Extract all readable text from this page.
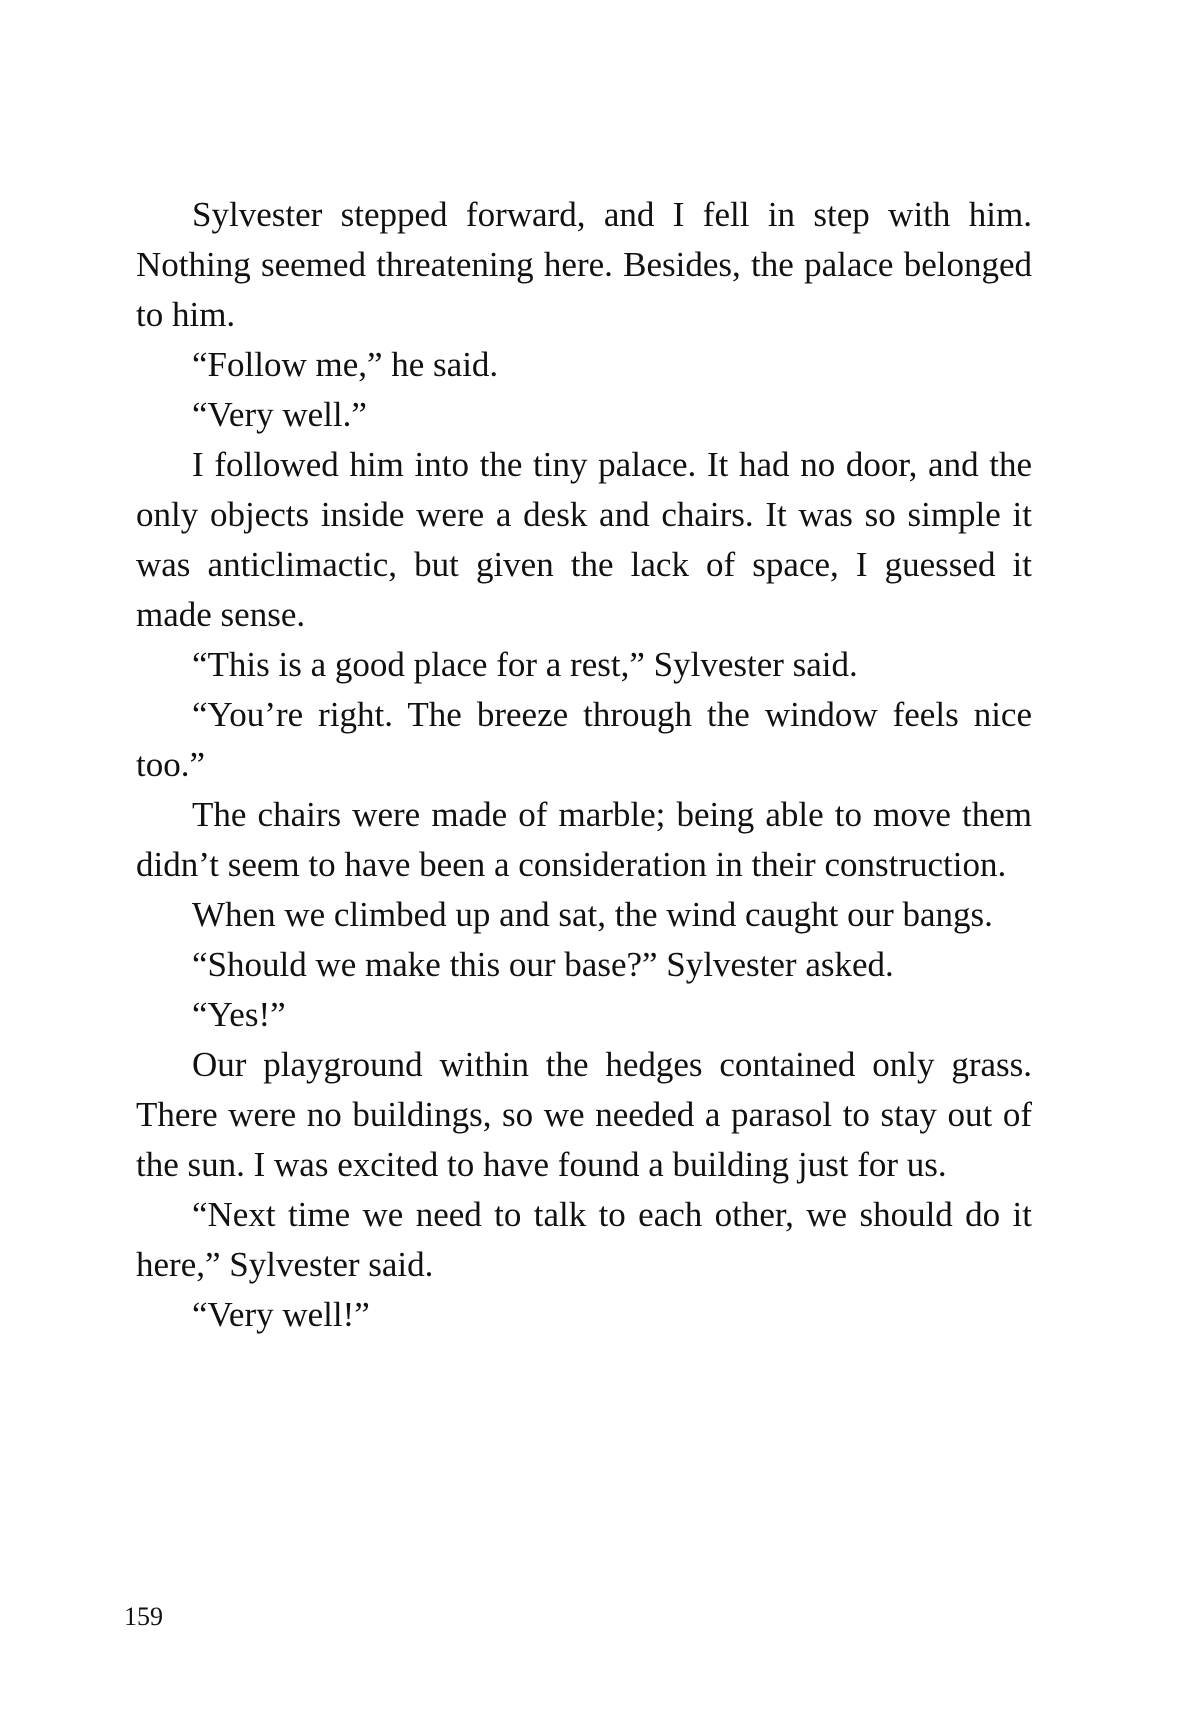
Sylvester stepped forward, and I fell in step with him. Nothing seemed threatening here. Besides, the palace belonged to him.

“Follow me,” he said.

“Very well.”

I followed him into the tiny palace. It had no door, and the only objects inside were a desk and chairs. It was so simple it was anticlimactic, but given the lack of space, I guessed it made sense.

“This is a good place for a rest,” Sylvester said.

“You’re right. The breeze through the window feels nice too.”

The chairs were made of marble; being able to move them didn’t seem to have been a consideration in their construction.

When we climbed up and sat, the wind caught our bangs.

“Should we make this our base?” Sylvester asked.

“Yes!”

Our playground within the hedges contained only grass. There were no buildings, so we needed a parasol to stay out of the sun. I was excited to have found a building just for us.

“Next time we need to talk to each other, we should do it here,” Sylvester said.

“Very well!”

159
